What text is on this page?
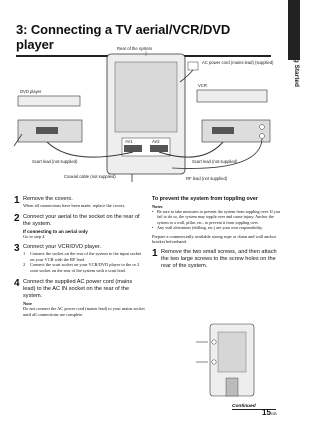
Getting Started
3: Connecting a TV aerial/VCR/DVD player
AV1	AV2
Rear of the system
AC power cord (mains lead) (supplied)
VCR
DVD player
Scart lead (not supplied)	Scart lead (not supplied)
Coaxial cable (not supplied)	RF lead (not supplied)
1 Remove the covers.
When all connections have been made, replace the covers.
2 Connect your aerial to the socket on the rear of the system.
If connecting to an aerial only
Go to step 4.
3 Connect your VCR/DVD player.
1	Connect the socket on the rear of the system to the input socket on your VCR with the RF lead.
2	Connect the scart socket on your VCR/DVD player to the or 2 scart socket on the rear of the system with a scart lead.
4 Connect the supplied AC power cord (mains lead) to the AC IN socket on the rear of the system.
Note
Do not connect the AC power cord (mains lead) to your mains socket until all connections are complete.
To prevent the system from toppling over
Notes
• Be sure to take measures to prevent the system from toppling over. If you fail to do so, the system may topple over and cause injury. Anchor the system to a wall, pillar, etc., to prevent it from toppling over.
• Any wall alterations (drilling, etc.) are your own responsibility.
Prepare a commercially available strong rope or chain and wall anchor bracket beforehand.
1 Remove the two small screws, and then attach the two large screws to the screw holes on the rear of the system.
Continued
15GB
